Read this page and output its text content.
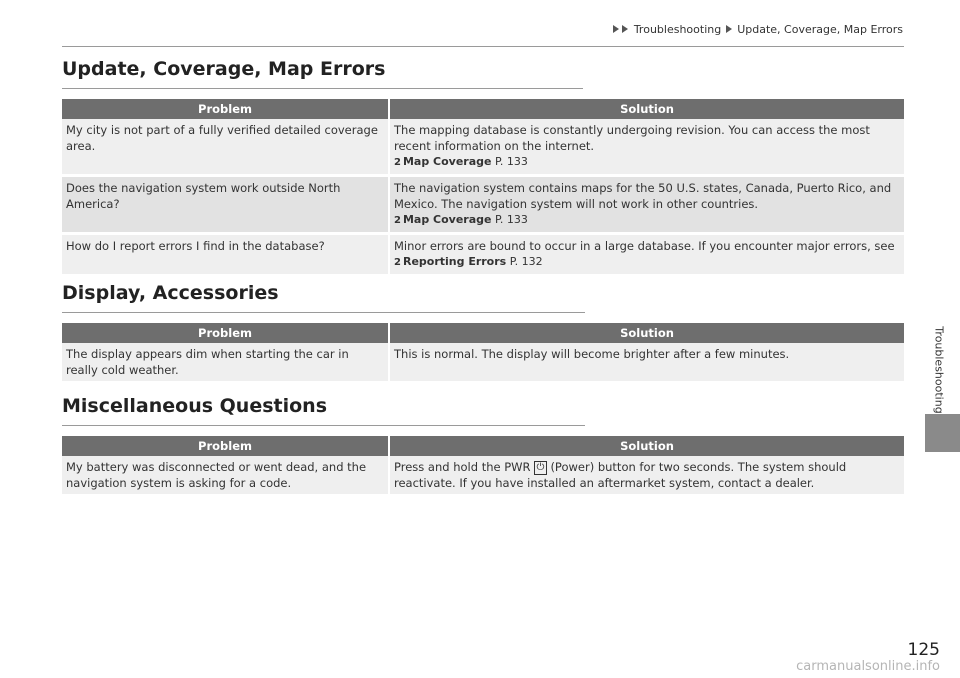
Troubleshooting Update, Coverage, Map Errors
Update, Coverage, Map Errors
Problem	Solution
My city is not part of a fully verified detailed coverage area.	The mapping database is constantly undergoing revision. You can access the most recent information on the internet.
2 Map Coverage P. 133

Does the navigation system work outside North America?	The navigation system contains maps for the 50 U.S. states, Canada, Puerto Rico, and Mexico. The navigation system will not work in other countries.
2 Map Coverage P. 133

How do I report errors I find in the database?	Minor errors are bound to occur in a large database. If you encounter major errors, see
2 Reporting Errors P. 132
Display, Accessories
Problem	Solution
The display appears dim when starting the car in really cold weather.	This is normal. The display will become brighter after a few minutes.
Miscellaneous Questions
Problem	Solution
My battery was disconnected or went dead, and the navigation system is asking for a code.	Press and hold the PWR ⏻ (Power) button for two seconds. The system should reactivate. If you have installed an aftermarket system, contact a dealer.
Troubleshooting
125
carmanualsonline.info
